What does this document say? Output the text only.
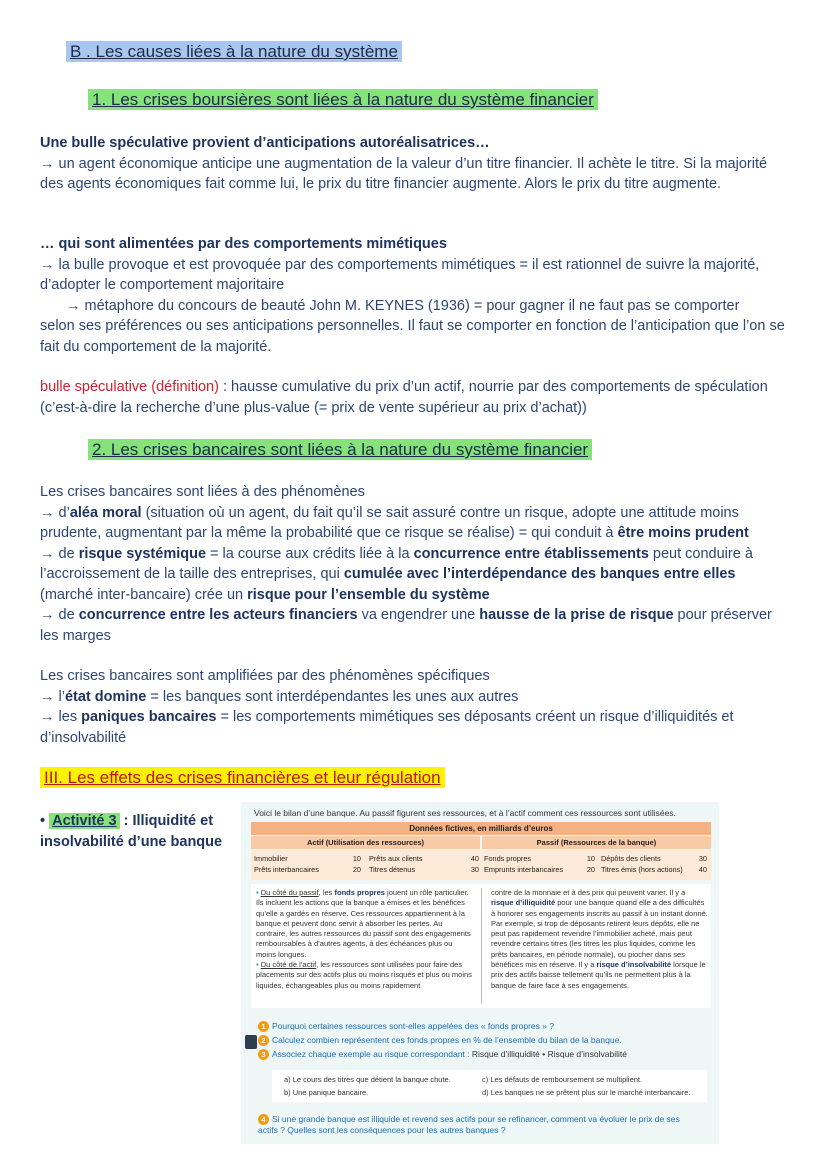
B . Les causes liées à la nature du système
1. Les crises boursières sont liées à la nature du système financier

Une bulle spéculative provient d’anticipations autoréalisatrices…

→ un agent économique anticipe une augmentation de la valeur d’un titre financier. Il achète le titre. Si la majorité des agents économiques fait comme lui, le prix du titre financier augmente. Alors le prix du titre augmente.

… qui sont alimentées par des comportements mimétiques

→ la bulle provoque et est provoquée par des comportements mimétiques = il est rationnel de suivre la majorité, d’adopter le comportement majoritaire

→ métaphore du concours de beauté John M. KEYNES (1936) = pour gagner il ne faut pas se comporter

selon ses préférences ou ses anticipations personnelles. Il faut se comporter en fonction de l’anticipation que l’on se fait du comportement de la majorité.

bulle spéculative (définition) : hausse cumulative du prix d’un actif, nourrie par des comportements de spéculation (c’est-à-dire la recherche d’une plus-value (= prix de vente supérieur au prix d’achat))

2. Les crises bancaires sont liées à la nature du système financier

Les crises bancaires sont liées à des phénomènes

→ d’aléa moral (situation où un agent, du fait qu’il se sait assuré contre un risque, adopte une attitude moins prudente, augmentant par la même la probabilité que ce risque se réalise) = qui conduit à être moins prudent

→ de risque systémique = la course aux crédits liée à la concurrence entre établissements peut conduire à l’accroissement de la taille des entreprises, qui cumulée avec l’interdépendance des banques entre elles (marché inter-bancaire) crée un risque pour l’ensemble du système

→ de concurrence entre les acteurs financiers va engendrer une hausse de la prise de risque pour préserver les marges

Les crises bancaires sont amplifiées par des phénomènes spécifiques

→ l’état domine = les banques sont interdépendantes les unes aux autres

→ les paniques bancaires = les comportements mimétiques ses déposants créent un risque d’illiquidités et d’insolvabilité

III. Les effets des crises financières et leur régulation
• Activité 3 : Illiquidité et insolvabilité d’une banque
Voici le bilan d’une banque. Au passif figurent ses ressources, et à l’actif comment ces ressources sont utilisées.
Données fictives, en milliards d’euros
Actif (Utilisation des ressources)	Passif (Ressources de la banque)
Immobilier	10 Prêts aux clients	40 Fonds propres	10 Dépôts des clients	30
Prêts interbancaires	20 Titres détenus	30 Emprunts interbancaires	20 Titres émis (hors actions)	40

• Du côté du passif, les fonds propres jouent un rôle particulier. Ils incluent les actions que la banque a émises et les bénéfices qu’elle a gardés en réserve. Ces ressources appartiennent à la banque et peuvent donc servir à absorber les pertes. Au contraire, les autres ressources du passif sont des engagements remboursables à d’autres agents, à des échéances plus ou moins longues.

• Du côté de l’actif, les ressources sont utilisées pour faire des placements sur des actifs plus ou moins risqués et plus ou moins liquides, échangeables plus ou moins rapidement

contre de la monnaie et à des prix qui peuvent varier. Il y a risque d’illiquidité pour une banque quand elle a des difficultés à honorer ses engagements inscrits au passif à un instant donné. Par exemple, si trop de déposants retirent leurs dépôts, elle ne peut pas rapidement revendre l’immobilier acheté, mais peut revendre certains titres (les titres les plus liquides, comme les prêts bancaires, en période normale), ou piocher dans ses bénéfices mis en réserve. Il y a risque d’insolvabilité lorsque le prix des actifs baisse tellement qu’ils ne permettent plus à la banque de faire face à ses engagements.

1 Pourquoi certaines ressources sont-elles appelées des « fonds propres » ?
2 Calculez combien représentent ces fonds propres en % de l’ensemble du bilan de la banque.
3 Associez chaque exemple au risque correspondant : Risque d’illiquidité • Risque d’insolvabilité
a) Le cours des titres que détient la banque chute.
b) Une panique bancaire.
c) Les défauts de remboursement se multiplient.
d) Les banques ne se prêtent plus sur le marché interbancaire.
4 Si une grande banque est illiquide et revend ses actifs pour se refinancer, comment va évoluer le prix de ses actifs ? Quelles sont les conséquences pour les autres banques ?
